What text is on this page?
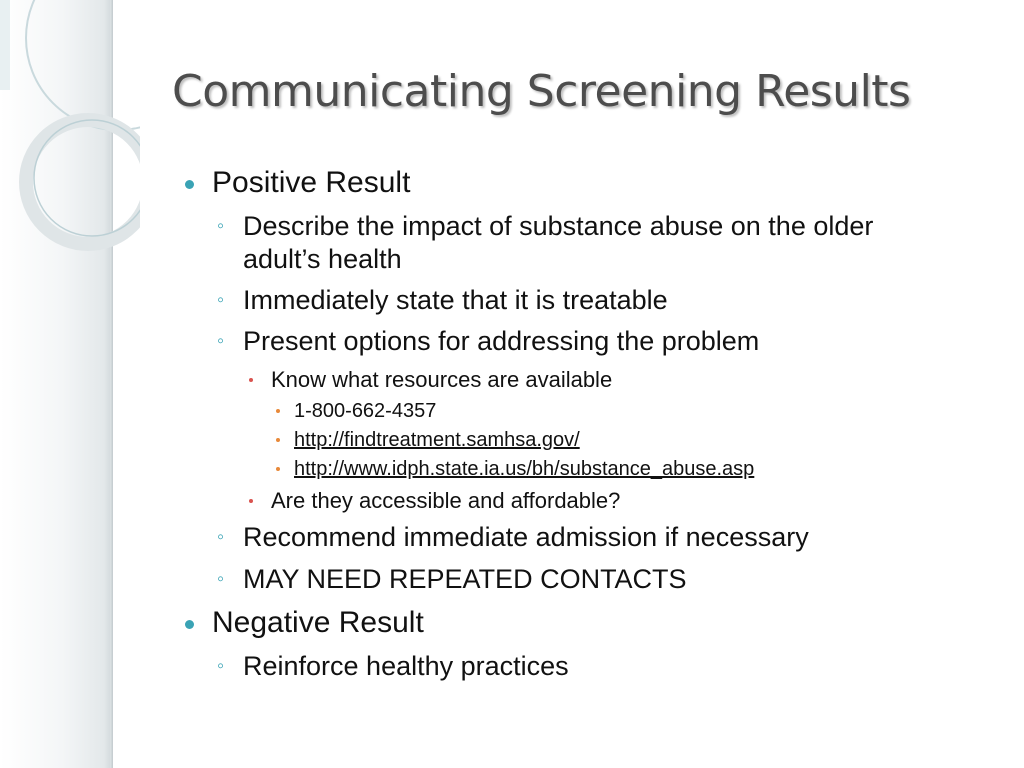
Communicating Screening Results
Positive Result
◦ Describe the impact of substance abuse on the older
adult’s health
◦ Immediately state that it is treatable
◦ Present options for addressing the problem
Know what resources are available
1-800-662-4357
http://findtreatment.samhsa.gov/
http://www.idph.state.ia.us/bh/substance_abuse.asp
Are they accessible and affordable?
◦ Recommend immediate admission if necessary
◦ MAY NEED REPEATED CONTACTS
Negative Result
◦ Reinforce healthy practices
